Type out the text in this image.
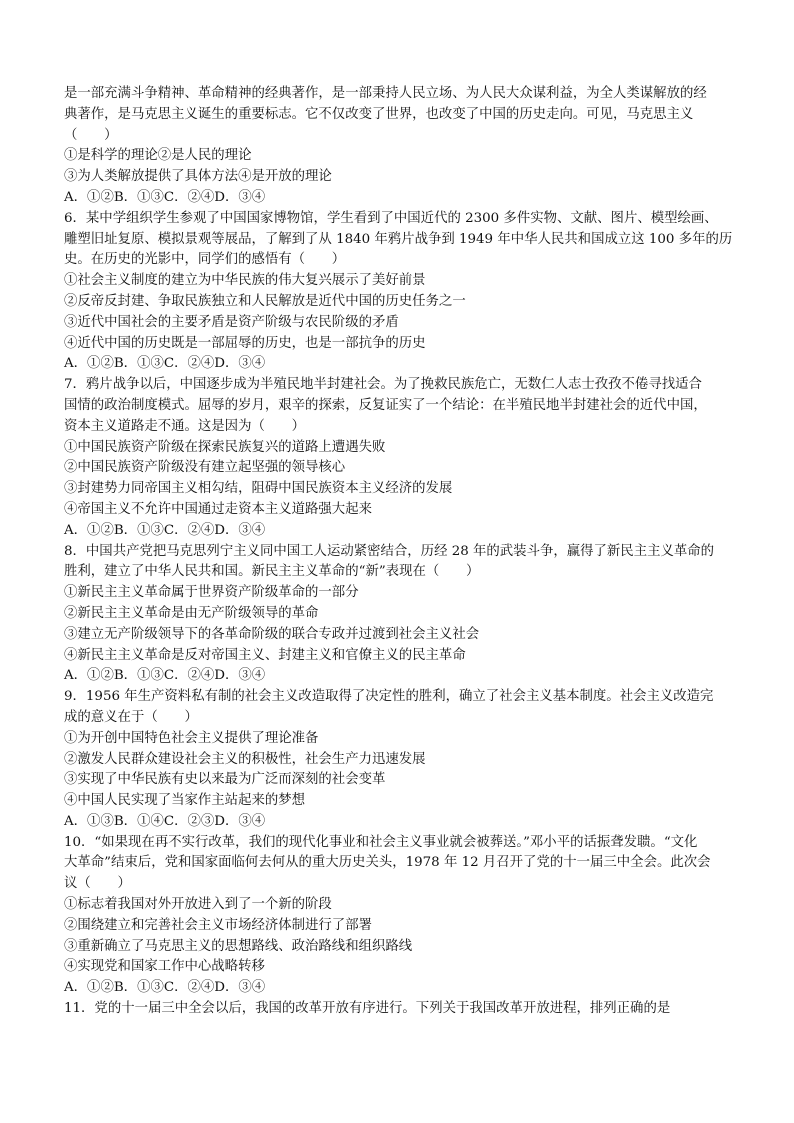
是一部充满斗争精神、革命精神的经典著作，是一部秉持人民立场、为人民大众谋利益，为全人类谋解放的经
典著作，是马克思主义诞生的重要标志。它不仅改变了世界，也改变了中国的历史走向。可见，马克思主义
（　　）
①是科学的理论②是人民的理论
③为人类解放提供了具体方法④是开放的理论
A．①②B．①③C．②④D．③④
6．某中学组织学生参观了中国国家博物馆，学生看到了中国近代的 2300 多件实物、文献、图片、模型绘画、
雕塑旧址复原、模拟景观等展品，了解到了从 1840 年鸦片战争到 1949 年中华人民共和国成立这 100 多年的历
史。在历史的光影中，同学们的感悟有（　　）
①社会主义制度的建立为中华民族的伟大复兴展示了美好前景
②反帝反封建、争取民族独立和人民解放是近代中国的历史任务之一
③近代中国社会的主要矛盾是资产阶级与农民阶级的矛盾
④近代中国的历史既是一部屈辱的历史，也是一部抗争的历史
A．①②B．①③C．②④D．③④
7．鸦片战争以后，中国逐步成为半殖民地半封建社会。为了挽救民族危亡，无数仁人志士孜孜不倦寻找适合
国情的政治制度模式。屈辱的岁月，艰辛的探索，反复证实了一个结论：在半殖民地半封建社会的近代中国，
资本主义道路走不通。这是因为（　　）
①中国民族资产阶级在探索民族复兴的道路上遭遇失败
②中国民族资产阶级没有建立起坚强的领导核心
③封建势力同帝国主义相勾结，阻碍中国民族资本主义经济的发展
④帝国主义不允许中国通过走资本主义道路强大起来
A．①②B．①③C．②④D．③④
8．中国共产党把马克思列宁主义同中国工人运动紧密结合，历经 28 年的武装斗争，赢得了新民主主义革命的
胜利，建立了中华人民共和国。新民主主义革命的“新”表现在（　　）
①新民主主义革命属于世界资产阶级革命的一部分
②新民主主义革命是由无产阶级领导的革命
③建立无产阶级领导下的各革命阶级的联合专政并过渡到社会主义社会
④新民主主义革命是反对帝国主义、封建主义和官僚主义的民主革命
A．①②B．①③C．②④D．③④
9．1956 年生产资料私有制的社会主义改造取得了决定性的胜利，确立了社会主义基本制度。社会主义改造完
成的意义在于（　　）
①为开创中国特色社会主义提供了理论准备
②激发人民群众建设社会主义的积极性，社会生产力迅速发展
③实现了中华民族有史以来最为广泛而深刻的社会变革
④中国人民实现了当家作主站起来的梦想
A．①③B．①④C．②③D．③④
10．“如果现在再不实行改革，我们的现代化事业和社会主义事业就会被葬送。”邓小平的话振聋发聩。“文化
大革命”结束后，党和国家面临何去何从的重大历史关头，1978 年 12 月召开了党的十一届三中全会。此次会
议（　　）
①标志着我国对外开放进入到了一个新的阶段
②围绕建立和完善社会主义市场经济体制进行了部署
③重新确立了马克思主义的思想路线、政治路线和组织路线
④实现党和国家工作中心战略转移
A．①②B．①③C．②④D．③④
11．党的十一届三中全会以后，我国的改革开放有序进行。下列关于我国改革开放进程，排列正确的是
